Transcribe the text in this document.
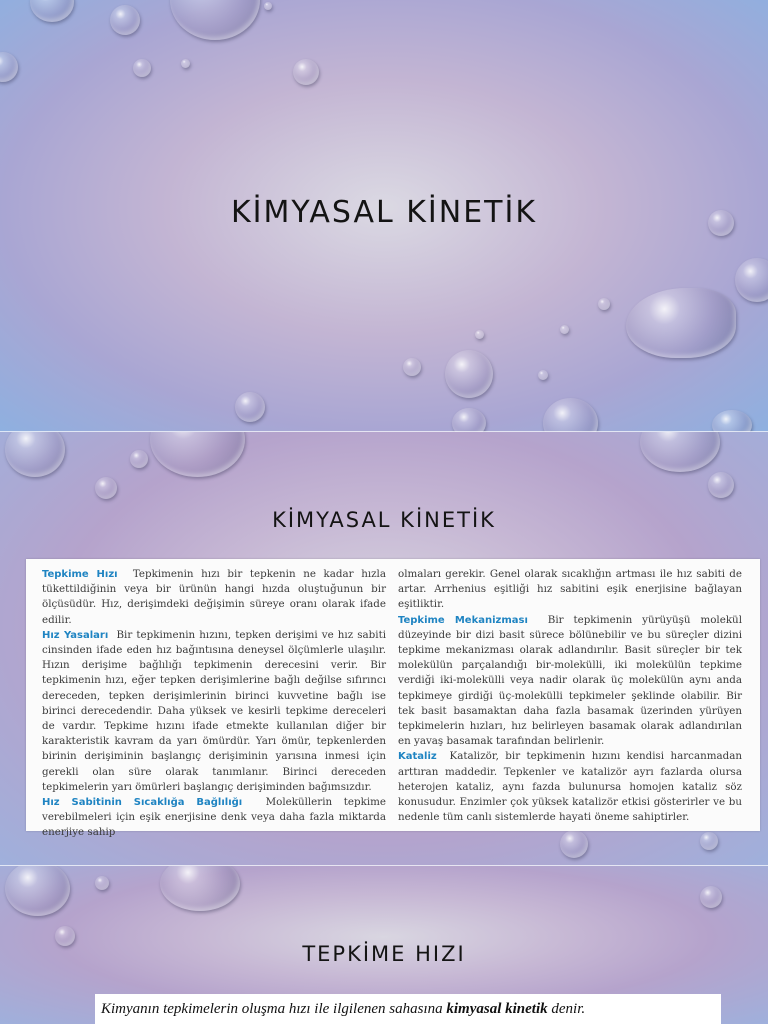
KİMYASAL KİNETİK
KİMYASAL KİNETİK

Tepkime Hızı Tepkimenin hızı bir tepkenin ne kadar hızla tükettildiğinin veya bir ürünün hangi hızda oluştuğunun bir ölçüsüdür. Hız, derişimdeki değişimin süreye oranı olarak ifade edilir.

Hız Yasaları Bir tepkimenin hızını, tepken derişimi ve hız sabiti cinsinden ifade eden hız bağıntısına deneysel ölçümlerle ulaşılır. Hızın derişime bağlılığı tepkimenin derecesini verir. Bir tepkimenin hızı, eğer tepken derişimlerine bağlı değilse sıfırıncı dereceden, tepken derişimlerinin birinci kuvvetine bağlı ise birinci derecedendir. Daha yüksek ve kesirli tepkime dereceleri de vardır. Tepkime hızını ifade etmekte kullanılan diğer bir karakteristik kavram da yarı ömürdür. Yarı ömür, tepkenlerden birinin derişiminin başlangıç derişiminin yarısına inmesi için gerekli olan süre olarak tanımlanır. Birinci dereceden tepkimelerin yarı ömürleri başlangıç derişiminden bağımsızdır.

Hız Sabitinin Sıcaklığa Bağlılığı Moleküllerin tepkime verebilmeleri için eşik enerjisine denk veya daha fazla miktarda enerjiye sahip

olmaları gerekir. Genel olarak sıcaklığın artması ile hız sabiti de artar. Arrhenius eşitliği hız sabitini eşik enerjisine bağlayan eşitliktir.

Tepkime Mekanizması Bir tepkimenin yürüyüşü molekül düzeyinde bir dizi basit sürece bölünebilir ve bu süreçler dizini tepkime mekanizması olarak adlandırılır. Basit süreçler bir tek molekülün parçalandığı bir-molekülli, iki molekülün tepkime verdiği iki-molekülli veya nadir olarak üç molekülün aynı anda tepkimeye girdiği üç-molekülli tepkimeler şeklinde olabilir. Bir tek basit basamaktan daha fazla basamak üzerinden yürüyen tepkimelerin hızları, hız belirleyen basamak olarak adlandırılan en yavaş basamak tarafından belirlenir.

Kataliz Katalizör, bir tepkimenin hızını kendisi harcanmadan arttıran maddedir. Tepkenler ve katalizör ayrı fazlarda olursa heterojen kataliz, aynı fazda bulunursa homojen kataliz söz konusudur. Enzimler çok yüksek katalizör etkisi gösterirler ve bu nedenle tüm canlı sistemlerde hayati öneme sahiptirler.

TEPKİME HIZI
Kimyanın tepkimelerin oluşma hızı ile ilgilenen sahasına kimyasal kinetik denir.
